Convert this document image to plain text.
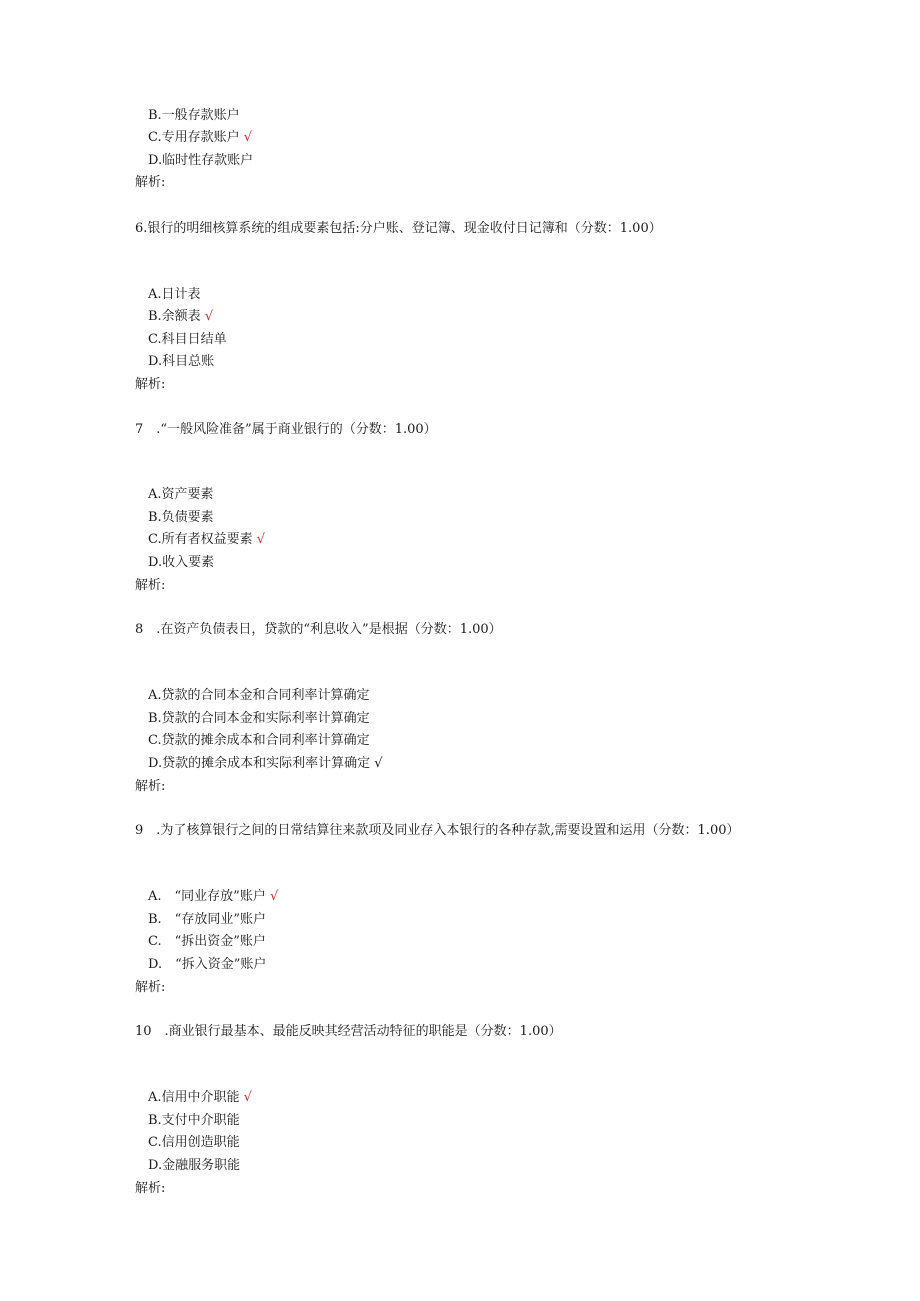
B.一般存款账户
C.专用存款账户 √
D.临时性存款账户
解析:
6.银行的明细核算系统的组成要素包括:分户账、登记簿、现金收付日记簿和（分数：1.00）
A.日计表
B.余额表 √
C.科目日结单
D.科目总账
解析:
7　.“一般风险准备”属于商业银行的（分数：1.00）
A.资产要素
B.负债要素
C.所有者权益要素 √
D.收入要素
解析:
8　.在资产负债表日，贷款的“利息收入”是根据（分数：1.00）
A.贷款的合同本金和合同利率计算确定
B.贷款的合同本金和实际利率计算确定
C.贷款的摊余成本和合同利率计算确定
D.贷款的摊余成本和实际利率计算确定 √
解析:
9　.为了核算银行之间的日常结算往来款项及同业存入本银行的各种存款,需要设置和运用（分数：1.00）
A.　“同业存放”账户 √
B.　“存放同业”账户
C.　“拆出资金”账户
D.　“拆入资金”账户
解析:
10　.商业银行最基本、最能反映其经营活动特征的职能是（分数：1.00）
A.信用中介职能 √
B.支付中介职能
C.信用创造职能
D.金融服务职能
解析:
